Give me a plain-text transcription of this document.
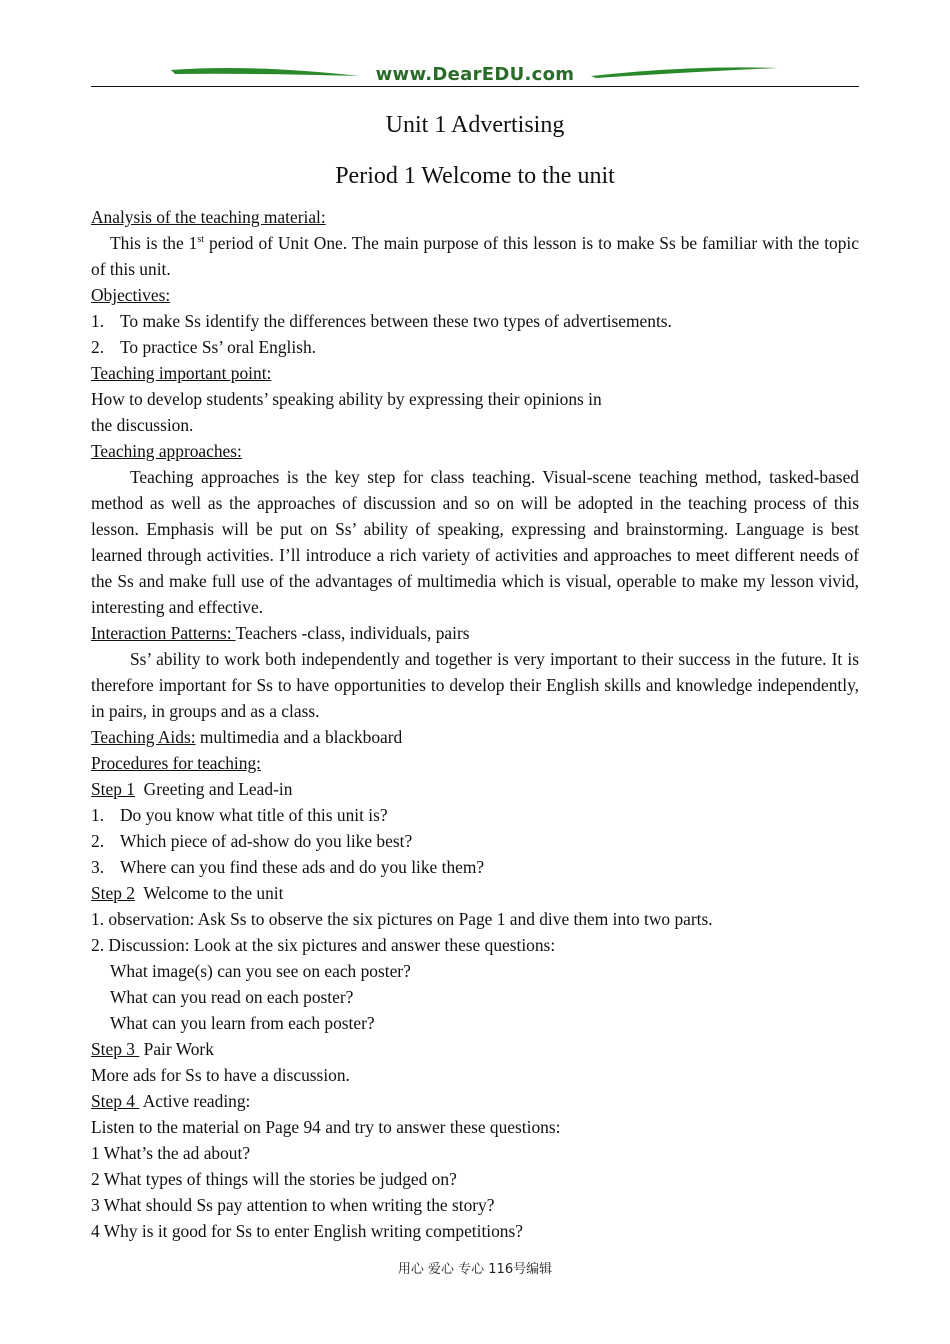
www.DearEDU.com
Unit 1 Advertising
Period 1 Welcome to the unit

Analysis of the teaching material:

This is the 1st period of Unit One. The main purpose of this lesson is to make Ss be familiar with the topic of this unit.

Objectives:

1. To make Ss identify the differences between these two types of advertisements.

2. To practice Ss’ oral English.

Teaching important point:

How to develop students’ speaking ability by expressing their opinions in

the discussion.

Teaching approaches:

Teaching approaches is the key step for class teaching. Visual-scene teaching method, tasked-based method as well as the approaches of discussion and so on will be adopted in the teaching process of this lesson. Emphasis will be put on Ss’ ability of speaking, expressing and brainstorming. Language is best learned through activities. I’ll introduce a rich variety of activities and approaches to meet different needs of the Ss and make full use of the advantages of multimedia which is visual, operable to make my lesson vivid, interesting and effective.

Interaction Patterns: Teachers -class, individuals, pairs

Ss’ ability to work both independently and together is very important to their success in the future. It is therefore important for Ss to have opportunities to develop their English skills and knowledge independently, in pairs, in groups and as a class.

Teaching Aids: multimedia and a blackboard

Procedures for teaching:

Step 1  Greeting and Lead-in

1. Do you know what title of this unit is?

2. Which piece of ad-show do you like best?

3. Where can you find these ads and do you like them?

Step 2  Welcome to the unit

1. observation: Ask Ss to observe the six pictures on Page 1 and dive them into two parts.

2. Discussion: Look at the six pictures and answer these questions:

What image(s) can you see on each poster?

What can you read on each poster?

What can you learn from each poster?

Step 3  Pair Work

More ads for Ss to have a discussion.

Step 4  Active reading:

Listen to the material on Page 94 and try to answer these questions:

1 What’s the ad about?

2 What types of things will the stories be judged on?

3 What should Ss pay attention to when writing the story?

4 Why is it good for Ss to enter English writing competitions?

用心 爱心 专心 116号编辑
